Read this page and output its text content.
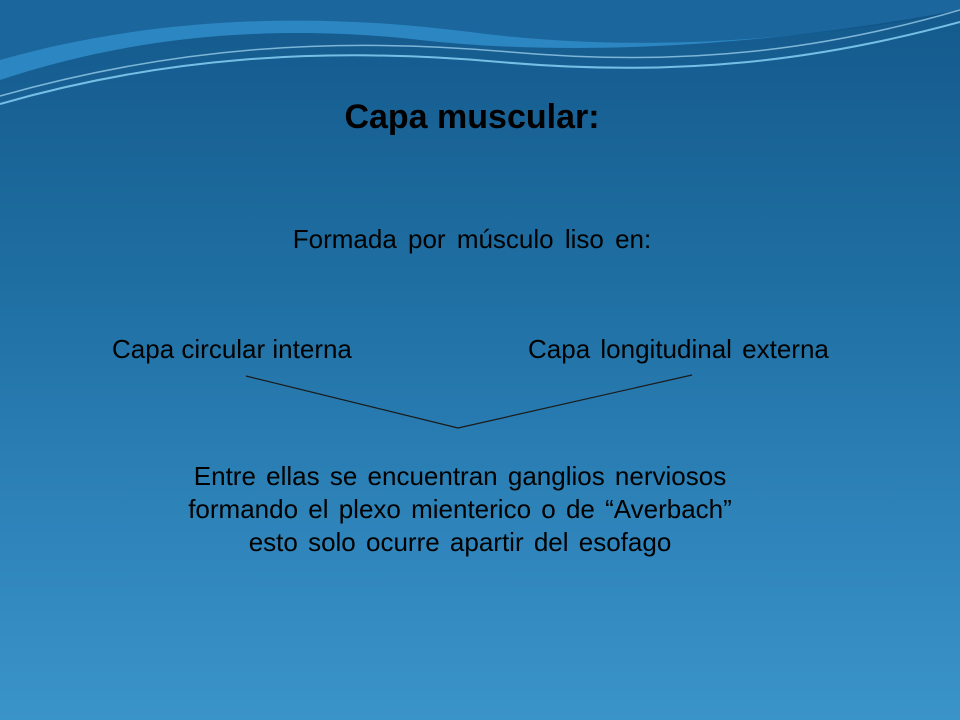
Capa muscular:
Formada por músculo liso en:
Capa circular interna	Capa longitudinal externa
Entre ellas se encuentran ganglios nerviosos formando el plexo mienterico o de “Averbach” esto solo ocurre apartir del esofago
